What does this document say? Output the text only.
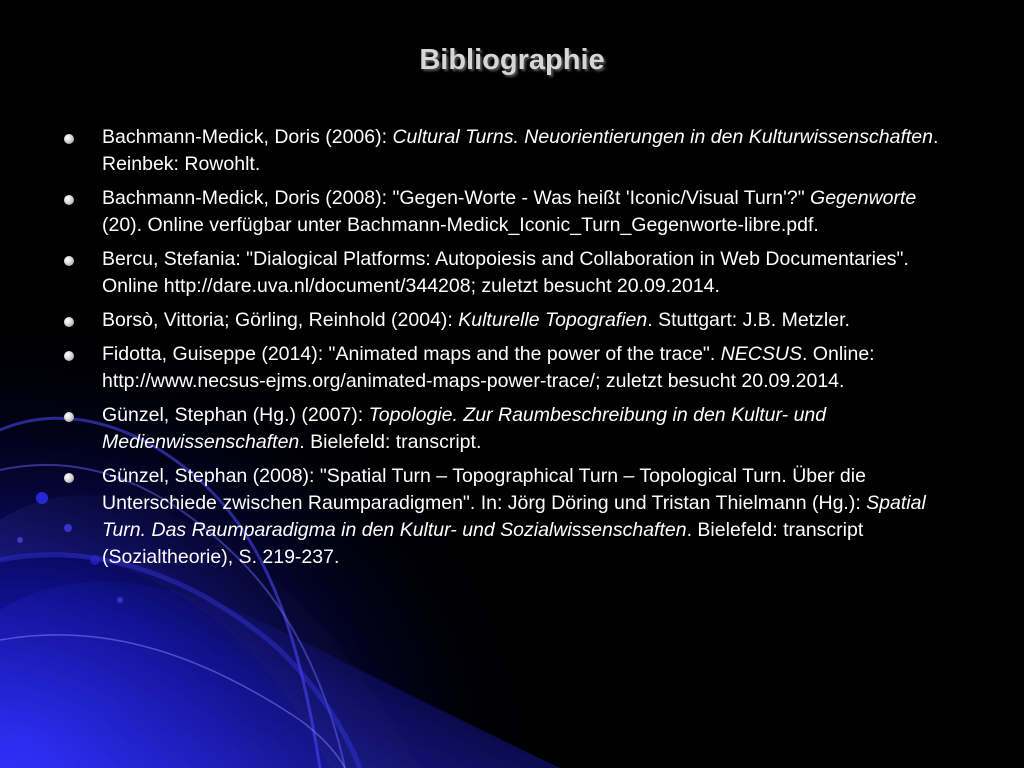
Bibliographie
Bachmann-Medick, Doris (2006): Cultural Turns. Neuorientierungen in den Kulturwissenschaften. Reinbek: Rowohlt.
Bachmann-Medick, Doris (2008): "Gegen-Worte - Was heißt 'Iconic/Visual Turn'?" Gegenworte (20). Online verfügbar unter Bachmann-Medick_Iconic_Turn_Gegenworte-libre.pdf.
Bercu, Stefania: "Dialogical Platforms: Autopoiesis and Collaboration in Web Documentaries". Online http://dare.uva.nl/document/344208; zuletzt besucht 20.09.2014.
Borsò, Vittoria; Görling, Reinhold (2004): Kulturelle Topografien. Stuttgart: J.B. Metzler.
Fidotta, Guiseppe (2014): "Animated maps and the power of the trace". NECSUS. Online: http://www.necsus-ejms.org/animated-maps-power-trace/; zuletzt besucht 20.09.2014.
Günzel, Stephan (Hg.) (2007): Topologie. Zur Raumbeschreibung in den Kultur- und Medienwissenschaften. Bielefeld: transcript.
Günzel, Stephan (2008): "Spatial Turn – Topographical Turn – Topological Turn. Über die Unterschiede zwischen Raumparadigmen". In: Jörg Döring und Tristan Thielmann (Hg.): Spatial Turn. Das Raumparadigma in den Kultur- und Sozialwissenschaften. Bielefeld: transcript (Sozialtheorie), S. 219-237.
